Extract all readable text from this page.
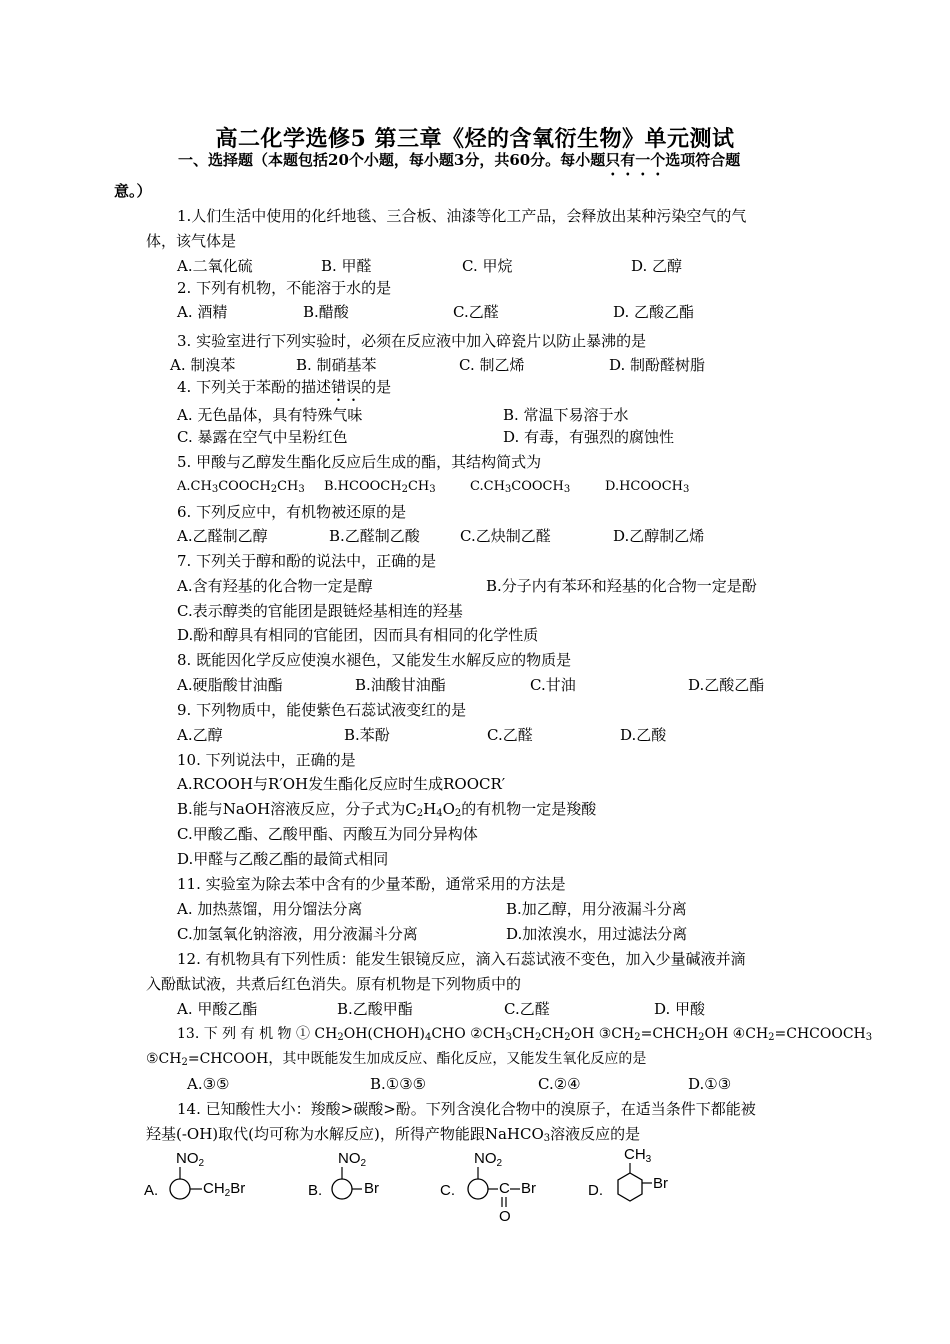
高二化学选修5 第三章《烃的含氧衍生物》单元测试
一、选择题（本题包括20个小题，每小题3分，共60分。每小题只有一个选项符合题
意。）
1.人们生活中使用的化纤地毯、三合板、油漆等化工产品，会释放出某种污染空气的气
体，该气体是
A.二氧化硫	B. 甲醛	C. 甲烷	D. 乙醇
2. 下列有机物，不能溶于水的是
A. 酒精	B.醋酸	C.乙醛	D. 乙酸乙酯
3. 实验室进行下列实验时，必须在反应液中加入碎瓷片以防止暴沸的是
A. 制溴苯	B. 制硝基苯	C. 制乙烯	D. 制酚醛树脂
4. 下列关于苯酚的描述错误的是
A. 无色晶体，具有特殊气味	B. 常温下易溶于水
C. 暴露在空气中呈粉红色	D. 有毒，有强烈的腐蚀性
5. 甲酸与乙醇发生酯化反应后生成的酯，其结构简式为
$A.CH_3COOCH_2CH_3$ $B.HCOOCH_2CH_3$	$C.CH_3COOCH_3$	$D.HCOOCH_3$
6. 下列反应中，有机物被还原的是
A.乙醛制乙醇	B.乙醛制乙酸	C.乙炔制乙醛	D.乙醇制乙烯
7. 下列关于醇和酚的说法中，正确的是
A.含有羟基的化合物一定是醇	B.分子内有苯环和羟基的化合物一定是酚
C.表示醇类的官能团是跟链烃基相连的羟基
D.酚和醇具有相同的官能团，因而具有相同的化学性质
8. 既能因化学反应使溴水褪色，又能发生水解反应的物质是
A.硬脂酸甘油酯	B.油酸甘油酯	C.甘油	D.乙酸乙酯
9. 下列物质中，能使紫色石蕊试液变红的是
A.乙醇	B.苯酚	C.乙醛	D.乙酸
10. 下列说法中，正确的是
A.RCOOH与R′OH发生酯化反应时生成ROOCR′
B.能与NaOH溶液反应，分子式为$C_2H_4O_2$的有机物一定是羧酸
C.甲酸乙酯、乙酸甲酯、丙酸互为同分异构体
D.甲醛与乙酸乙酯的最简式相同
11. 实验室为除去苯中含有的少量苯酚，通常采用的方法是
A. 加热蒸馏，用分馏法分离	B.加乙醇，用分液漏斗分离
C.加氢氧化钠溶液，用分液漏斗分离	D.加浓溴水，用过滤法分离
12. 有机物具有下列性质：能发生银镜反应，滴入石蕊试液不变色，加入少量碱液并滴
入酚酞试液，共煮后红色消失。原有机物是下列物质中的
A. 甲酸乙酯	B.乙酸甲酯	C.乙醛	D. 甲酸
13. 下 列 有 机 物 ① $CH_2OH(CHOH)_4CHO$ $②CH_3CH_2CH_2OH$ $③CH_2=CHCH_2OH$ $④CH_2=CHCOOCH_3$
$⑤CH_2=CHCOOH$，其中既能发生加成反应、酯化反应，又能发生氧化反应的是
A.③⑤	B.①③⑤	C.②④	D.①③
14. 已知酸性大小：羧酸>碳酸>酚。下列含溴化合物中的溴原子，在适当条件下都能被
羟基(-OH)取代(均可称为水解反应)，所得产物能跟NaHCO$_3$溶液反应的是
A.
$NO_2$
$CH_2Br$	B.
$NO_2$
Br	C.
$NO_2$
C Br
O
D.
$CH_3$
Br
